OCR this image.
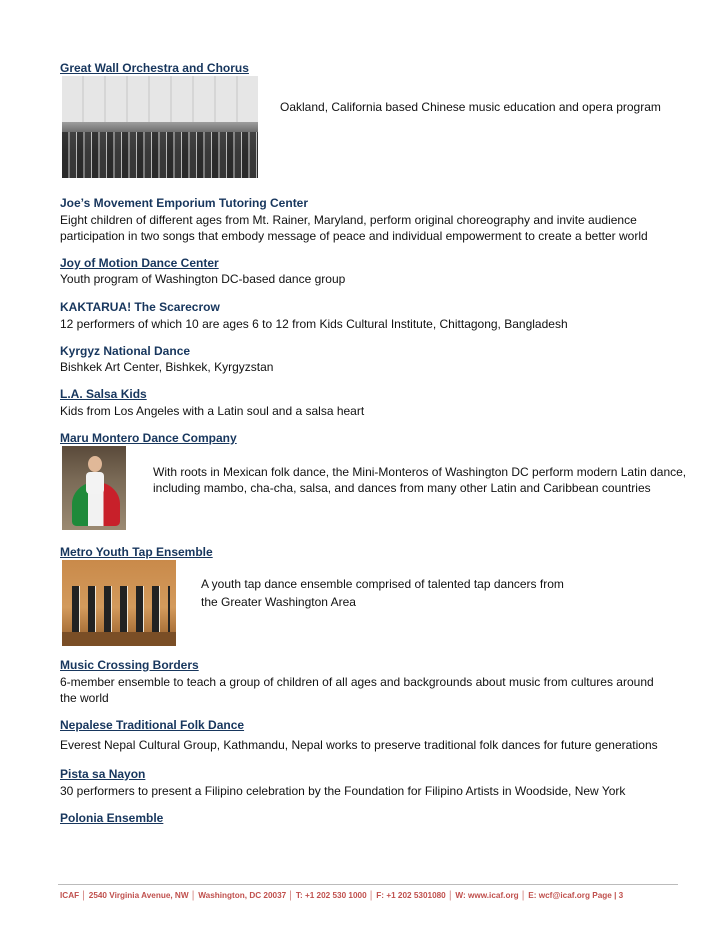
Great Wall Orchestra and Chorus
Oakland, California based Chinese music education and opera program
Joe’s Movement Emporium Tutoring Center
Eight children of different ages from Mt. Rainer, Maryland, perform original choreography and invite audience
participation in two songs that embody message of peace and individual empowerment to create a better world
Joy of Motion Dance Center
Youth program of Washington DC-based dance group
KAKTARUA! The Scarecrow
12 performers of which 10 are ages 6 to 12 from Kids Cultural Institute, Chittagong, Bangladesh
Kyrgyz National Dance
Bishkek Art Center, Bishkek, Kyrgyzstan
L.A. Salsa Kids
Kids from Los Angeles with a Latin soul and a salsa heart
Maru Montero Dance Company
With roots in Mexican folk dance, the Mini-Monteros of Washington DC perform modern Latin dance,
including mambo, cha-cha, salsa, and dances from many other Latin and Caribbean countries
Metro Youth Tap Ensemble
A youth tap dance ensemble comprised of talented tap dancers from
the Greater Washington Area
Music Crossing Borders
6-member ensemble to teach a group of children of all ages and backgrounds about music from cultures around
the world
Nepalese Traditional Folk Dance
Everest Nepal Cultural Group, Kathmandu, Nepal works to preserve traditional folk dances for future generations
Pista sa Nayon
30 performers to present a Filipino celebration by the Foundation for Filipino Artists in Woodside, New York
Polonia Ensemble
ICAF │ 2540 Virginia Avenue, NW │ Washington, DC 20037 │ T: +1 202 530 1000 │ F: +1 202 5301080 │ W: www.icaf.org │ E: wcf@icaf.org Page | 3
